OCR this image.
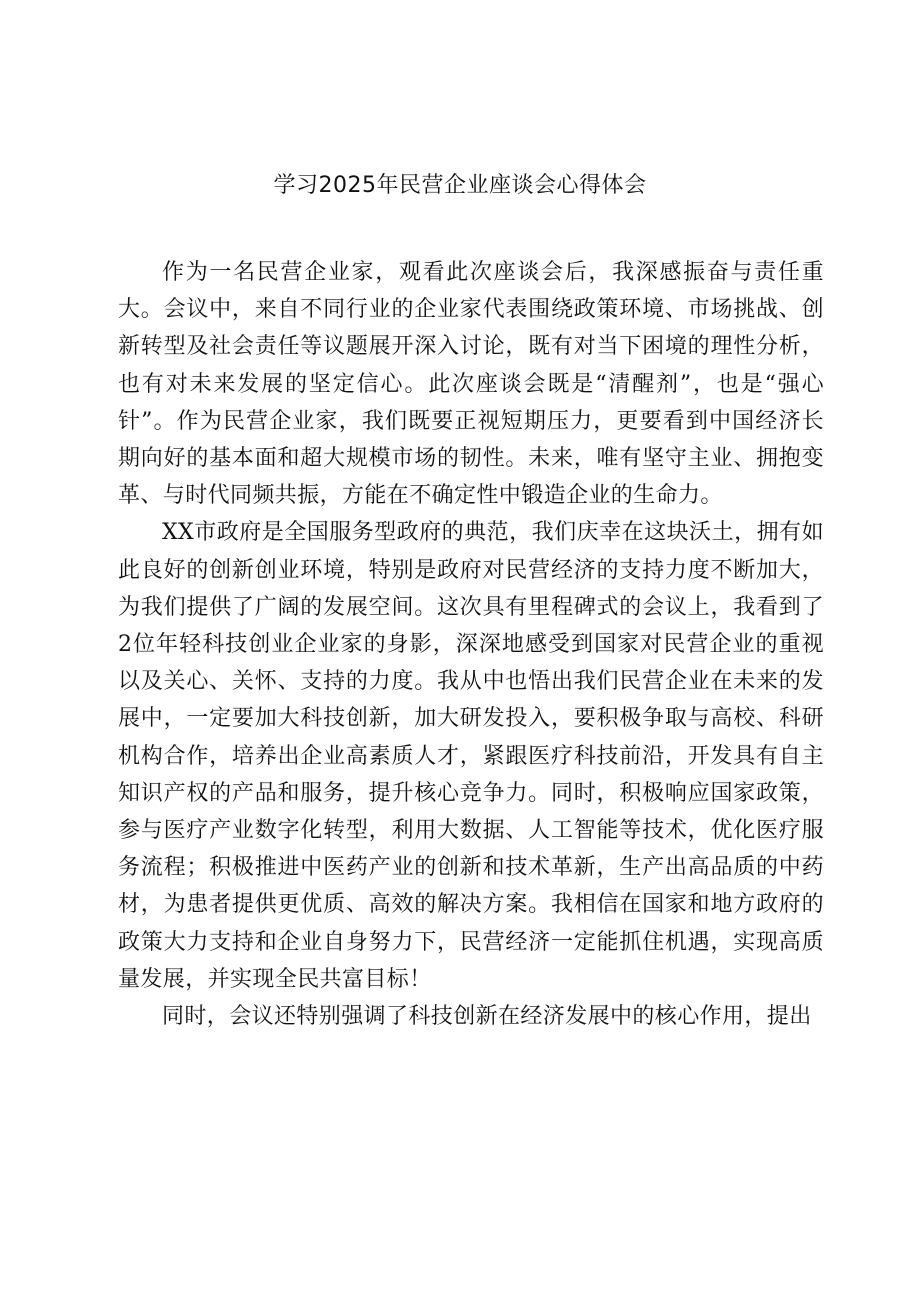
学习2025年民营企业座谈会心得体会

作为一名民营企业家，观看此次座谈会后，我深感振奋与责任重大。会议中，来自不同行业的企业家代表围绕政策环境、市场挑战、创新转型及社会责任等议题展开深入讨论，既有对当下困境的理性分析，也有对未来发展的坚定信心。此次座谈会既是“清醒剂”，也是“强心针”。作为民营企业家，我们既要正视短期压力，更要看到中国经济长期向好的基本面和超大规模市场的韧性。未来，唯有坚守主业、拥抱变革、与时代同频共振，方能在不确定性中锻造企业的生命力。

XX市政府是全国服务型政府的典范，我们庆幸在这块沃土，拥有如此良好的创新创业环境，特别是政府对民营经济的支持力度不断加大，为我们提供了广阔的发展空间。这次具有里程碑式的会议上，我看到了2位年轻科技创业企业家的身影，深深地感受到国家对民营企业的重视以及关心、关怀、支持的力度。我从中也悟出我们民营企业在未来的发展中，一定要加大科技创新，加大研发投入，要积极争取与高校、科研机构合作，培养出企业高素质人才，紧跟医疗科技前沿，开发具有自主知识产权的产品和服务，提升核心竞争力。同时，积极响应国家政策，参与医疗产业数字化转型，利用大数据、人工智能等技术，优化医疗服务流程；积极推进中医药产业的创新和技术革新，生产出高品质的中药材，为患者提供更优质、高效的解决方案。我相信在国家和地方政府的政策大力支持和企业自身努力下，民营经济一定能抓住机遇，实现高质量发展，并实现全民共富目标！

同时，会议还特别强调了科技创新在经济发展中的核心作用，提出
